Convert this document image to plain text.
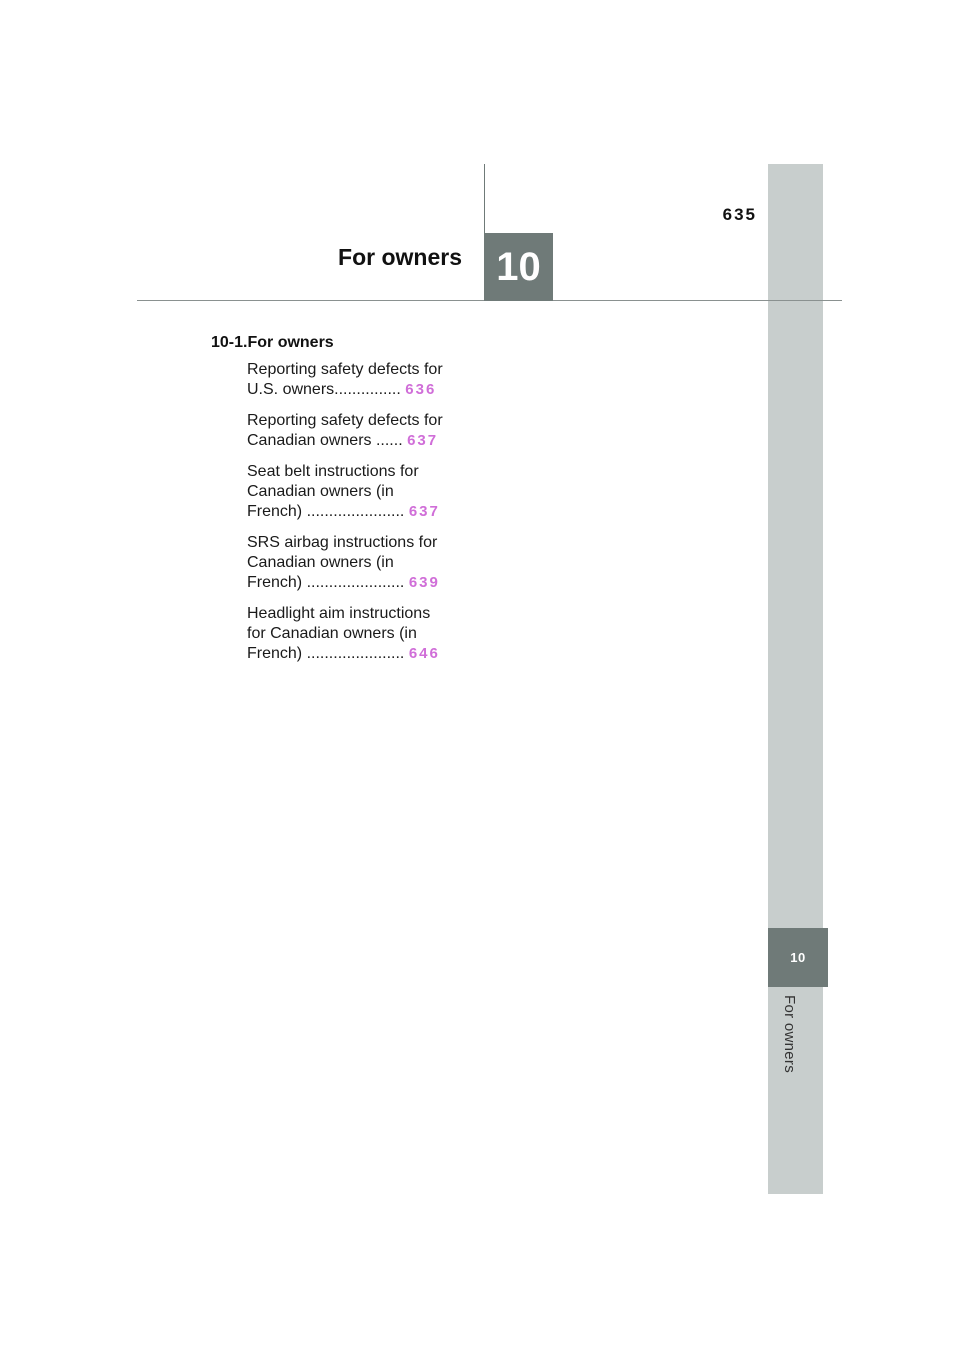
10
For owners
635
For owners 10
10-1.For owners
Reporting safety defects for
U.S. owners............... 636
Reporting safety defects for
Canadian owners ...... 637
Seat belt instructions for
Canadian owners (in
French) ...................... 637
SRS airbag instructions for
Canadian owners (in
French) ...................... 639
Headlight aim instructions
for Canadian owners (in
French) ...................... 646
